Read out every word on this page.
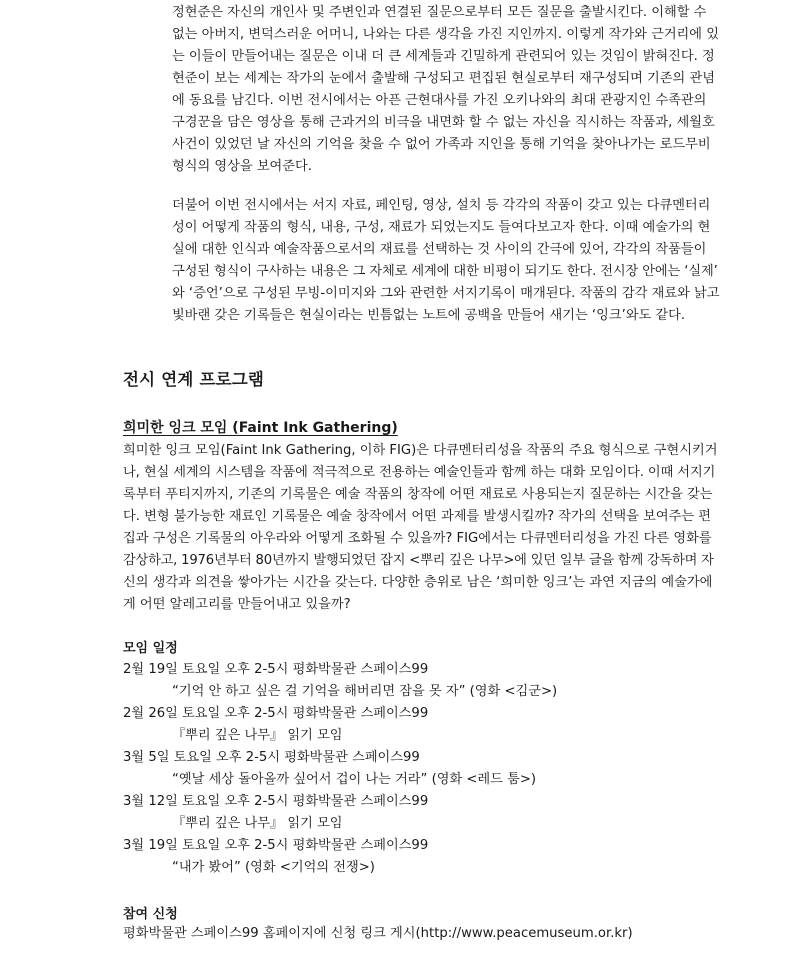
정현준은 자신의 개인사 및 주변인과 연결된 질문으로부터 모든 질문을 출발시킨다. 이해할 수
없는 아버지, 변덕스러운 어머니, 나와는 다른 생각을 가진 지인까지. 이렇게 작가와 근거리에 있
는 이들이 만들어내는 질문은 이내 더 큰 세계들과 긴밀하게 관련되어 있는 것임이 밝혀진다. 정
현준이 보는 세계는 작가의 눈에서 출발해 구성되고 편집된 현실로부터 재구성되며 기존의 관념
에 동요를 남긴다. 이번 전시에서는 아픈 근현대사를 가진 오키나와의 최대 관광지인 수족관의
구경꾼을 담은 영상을 통해 근과거의 비극을 내면화 할 수 없는 자신을 직시하는 작품과, 세월호
사건이 있었던 날 자신의 기억을 찾을 수 없어 가족과 지인을 통해 기억을 찾아나가는 로드무비
형식의 영상을 보여준다.
더불어 이번 전시에서는 서지 자료, 페인팅, 영상, 설치 등 각각의 작품이 갖고 있는 다큐멘터리
성이 어떻게 작품의 형식, 내용, 구성, 재료가 되었는지도 들여다보고자 한다. 이때 예술가의 현
실에 대한 인식과 예술작품으로서의 재료를 선택하는 것 사이의 간극에 있어, 각각의 작품들이
구성된 형식이 구사하는 내용은 그 자체로 세계에 대한 비평이 되기도 한다. 전시장 안에는 ‘실제’
와 ‘증언’으로 구성된 무빙-이미지와 그와 관련한 서지기록이 매개된다. 작품의 감각 재료와 낡고
빛바랜 갖은 기록들은 현실이라는 빈틈없는 노트에 공백을 만들어 새기는 ‘잉크’와도 같다.
전시 연계 프로그램
희미한 잉크 모임 (Faint Ink Gathering)
희미한 잉크 모임(Faint Ink Gathering, 이하 FIG)은 다큐멘터리성을 작품의 주요 형식으로 구현시키거
나, 현실 세계의 시스템을 작품에 적극적으로 전용하는 예술인들과 함께 하는 대화 모임이다. 이때 서지기
록부터 푸티지까지, 기존의 기록물은 예술 작품의 창작에 어떤 재료로 사용되는지 질문하는 시간을 갖는
다. 변형 불가능한 재료인 기록물은 예술 창작에서 어떤 과제를 발생시킬까? 작가의 선택을 보여주는 편
집과 구성은 기록물의 아우라와 어떻게 조화될 수 있을까? FIG에서는 다큐멘터리성을 가진 다른 영화를
감상하고, 1976년부터 80년까지 발행되었던 잡지 <뿌리 깊은 나무>에 있던 일부 글을 함께 강독하며 자
신의 생각과 의견을 쌓아가는 시간을 갖는다. 다양한 층위로 남은 ‘희미한 잉크’는 과연 지금의 예술가에
게 어떤 알레고리를 만들어내고 있을까?
모임 일정
2월 19일 토요일 오후 2-5시 평화박물관 스페이스99
“기억 안 하고 싶은 걸 기억을 해버리면 잠을 못 자” (영화 <김군>)
2월 26일 토요일 오후 2-5시 평화박물관 스페이스99
『뿌리 깊은 나무』 읽기 모임
3월 5일 토요일 오후 2-5시 평화박물관 스페이스99
“옛날 세상 돌아올까 싶어서 겁이 나는 거라” (영화 <레드 툼>)
3월 12일 토요일 오후 2-5시 평화박물관 스페이스99
『뿌리 깊은 나무』 읽기 모임
3월 19일 토요일 오후 2-5시 평화박물관 스페이스99
“내가 봤어” (영화 <기억의 전쟁>)
참여 신청

평화박물관 스페이스99 홈페이지에 신청 링크 게시(http://www.peacemuseum.or.kr)
